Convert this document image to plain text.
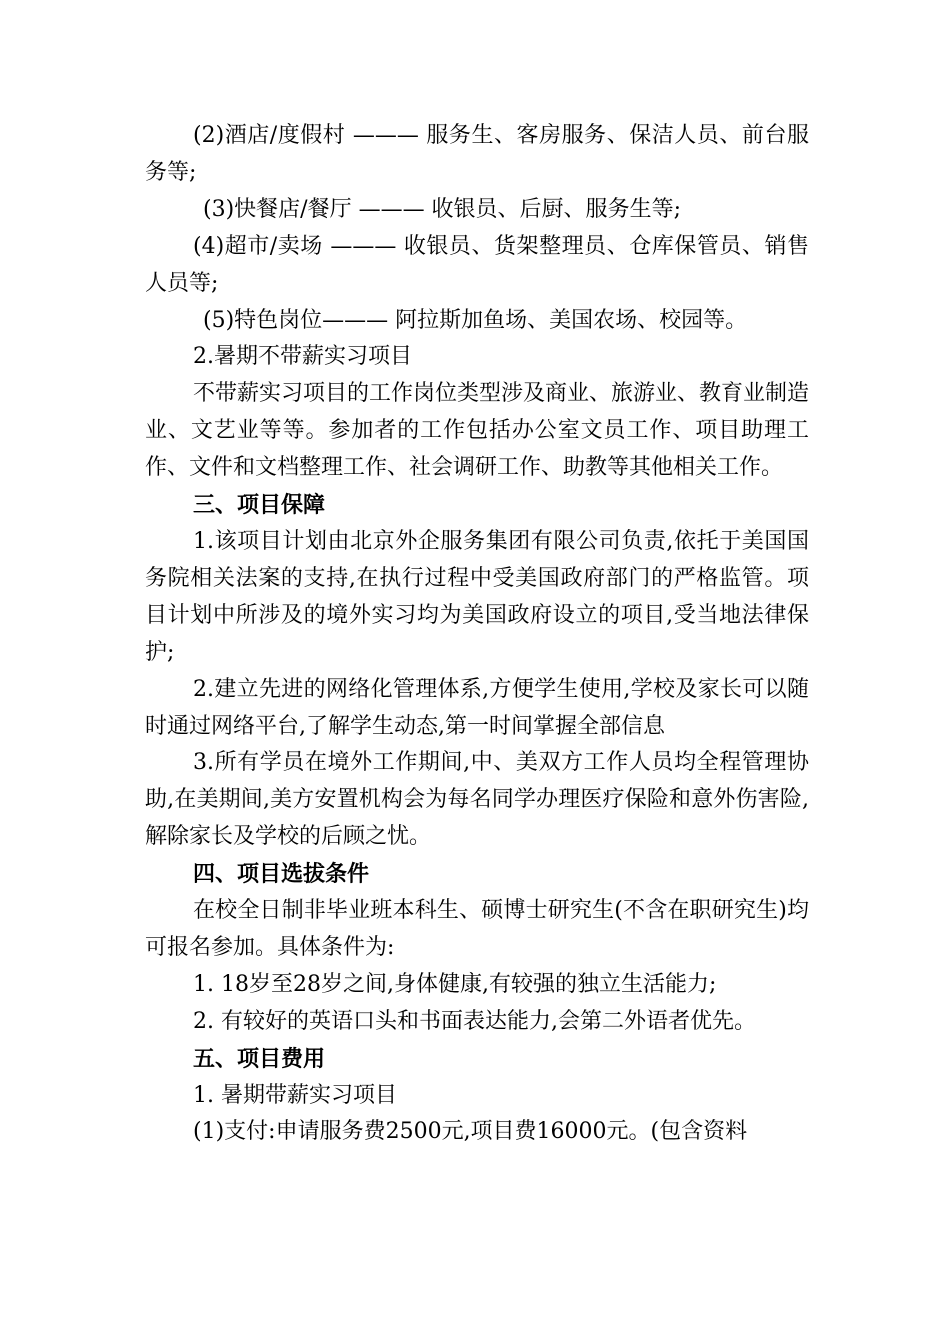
(2)酒店/度假村 ——— 服务生、客房服务、保洁人员、前台服务等;

(3)快餐店/餐厅 ——— 收银员、后厨、服务生等;

(4)超市/卖场 ——— 收银员、货架整理员、仓库保管员、销售人员等;

(5)特色岗位——— 阿拉斯加鱼场、美国农场、校园等。

2.暑期不带薪实习项目

不带薪实习项目的工作岗位类型涉及商业、旅游业、教育业制造业、文艺业等等。参加者的工作包括办公室文员工作、项目助理工作、文件和文档整理工作、社会调研工作、助教等其他相关工作。

三、项目保障

1.该项目计划由北京外企服务集团有限公司负责,依托于美国国务院相关法案的支持,在执行过程中受美国政府部门的严格监管。项目计划中所涉及的境外实习均为美国政府设立的项目,受当地法律保护;

2.建立先进的网络化管理体系,方便学生使用,学校及家长可以随时通过网络平台,了解学生动态,第一时间掌握全部信息

3.所有学员在境外工作期间,中、美双方工作人员均全程管理协助,在美期间,美方安置机构会为每名同学办理医疗保险和意外伤害险,解除家长及学校的后顾之忧。

四、项目选拔条件

在校全日制非毕业班本科生、硕博士研究生(不含在职研究生)均可报名参加。具体条件为:

1. 18岁至28岁之间,身体健康,有较强的独立生活能力;

2. 有较好的英语口头和书面表达能力,会第二外语者优先。

五、项目费用

1. 暑期带薪实习项目

(1)支付:申请服务费2500元,项目费16000元。(包含资料
